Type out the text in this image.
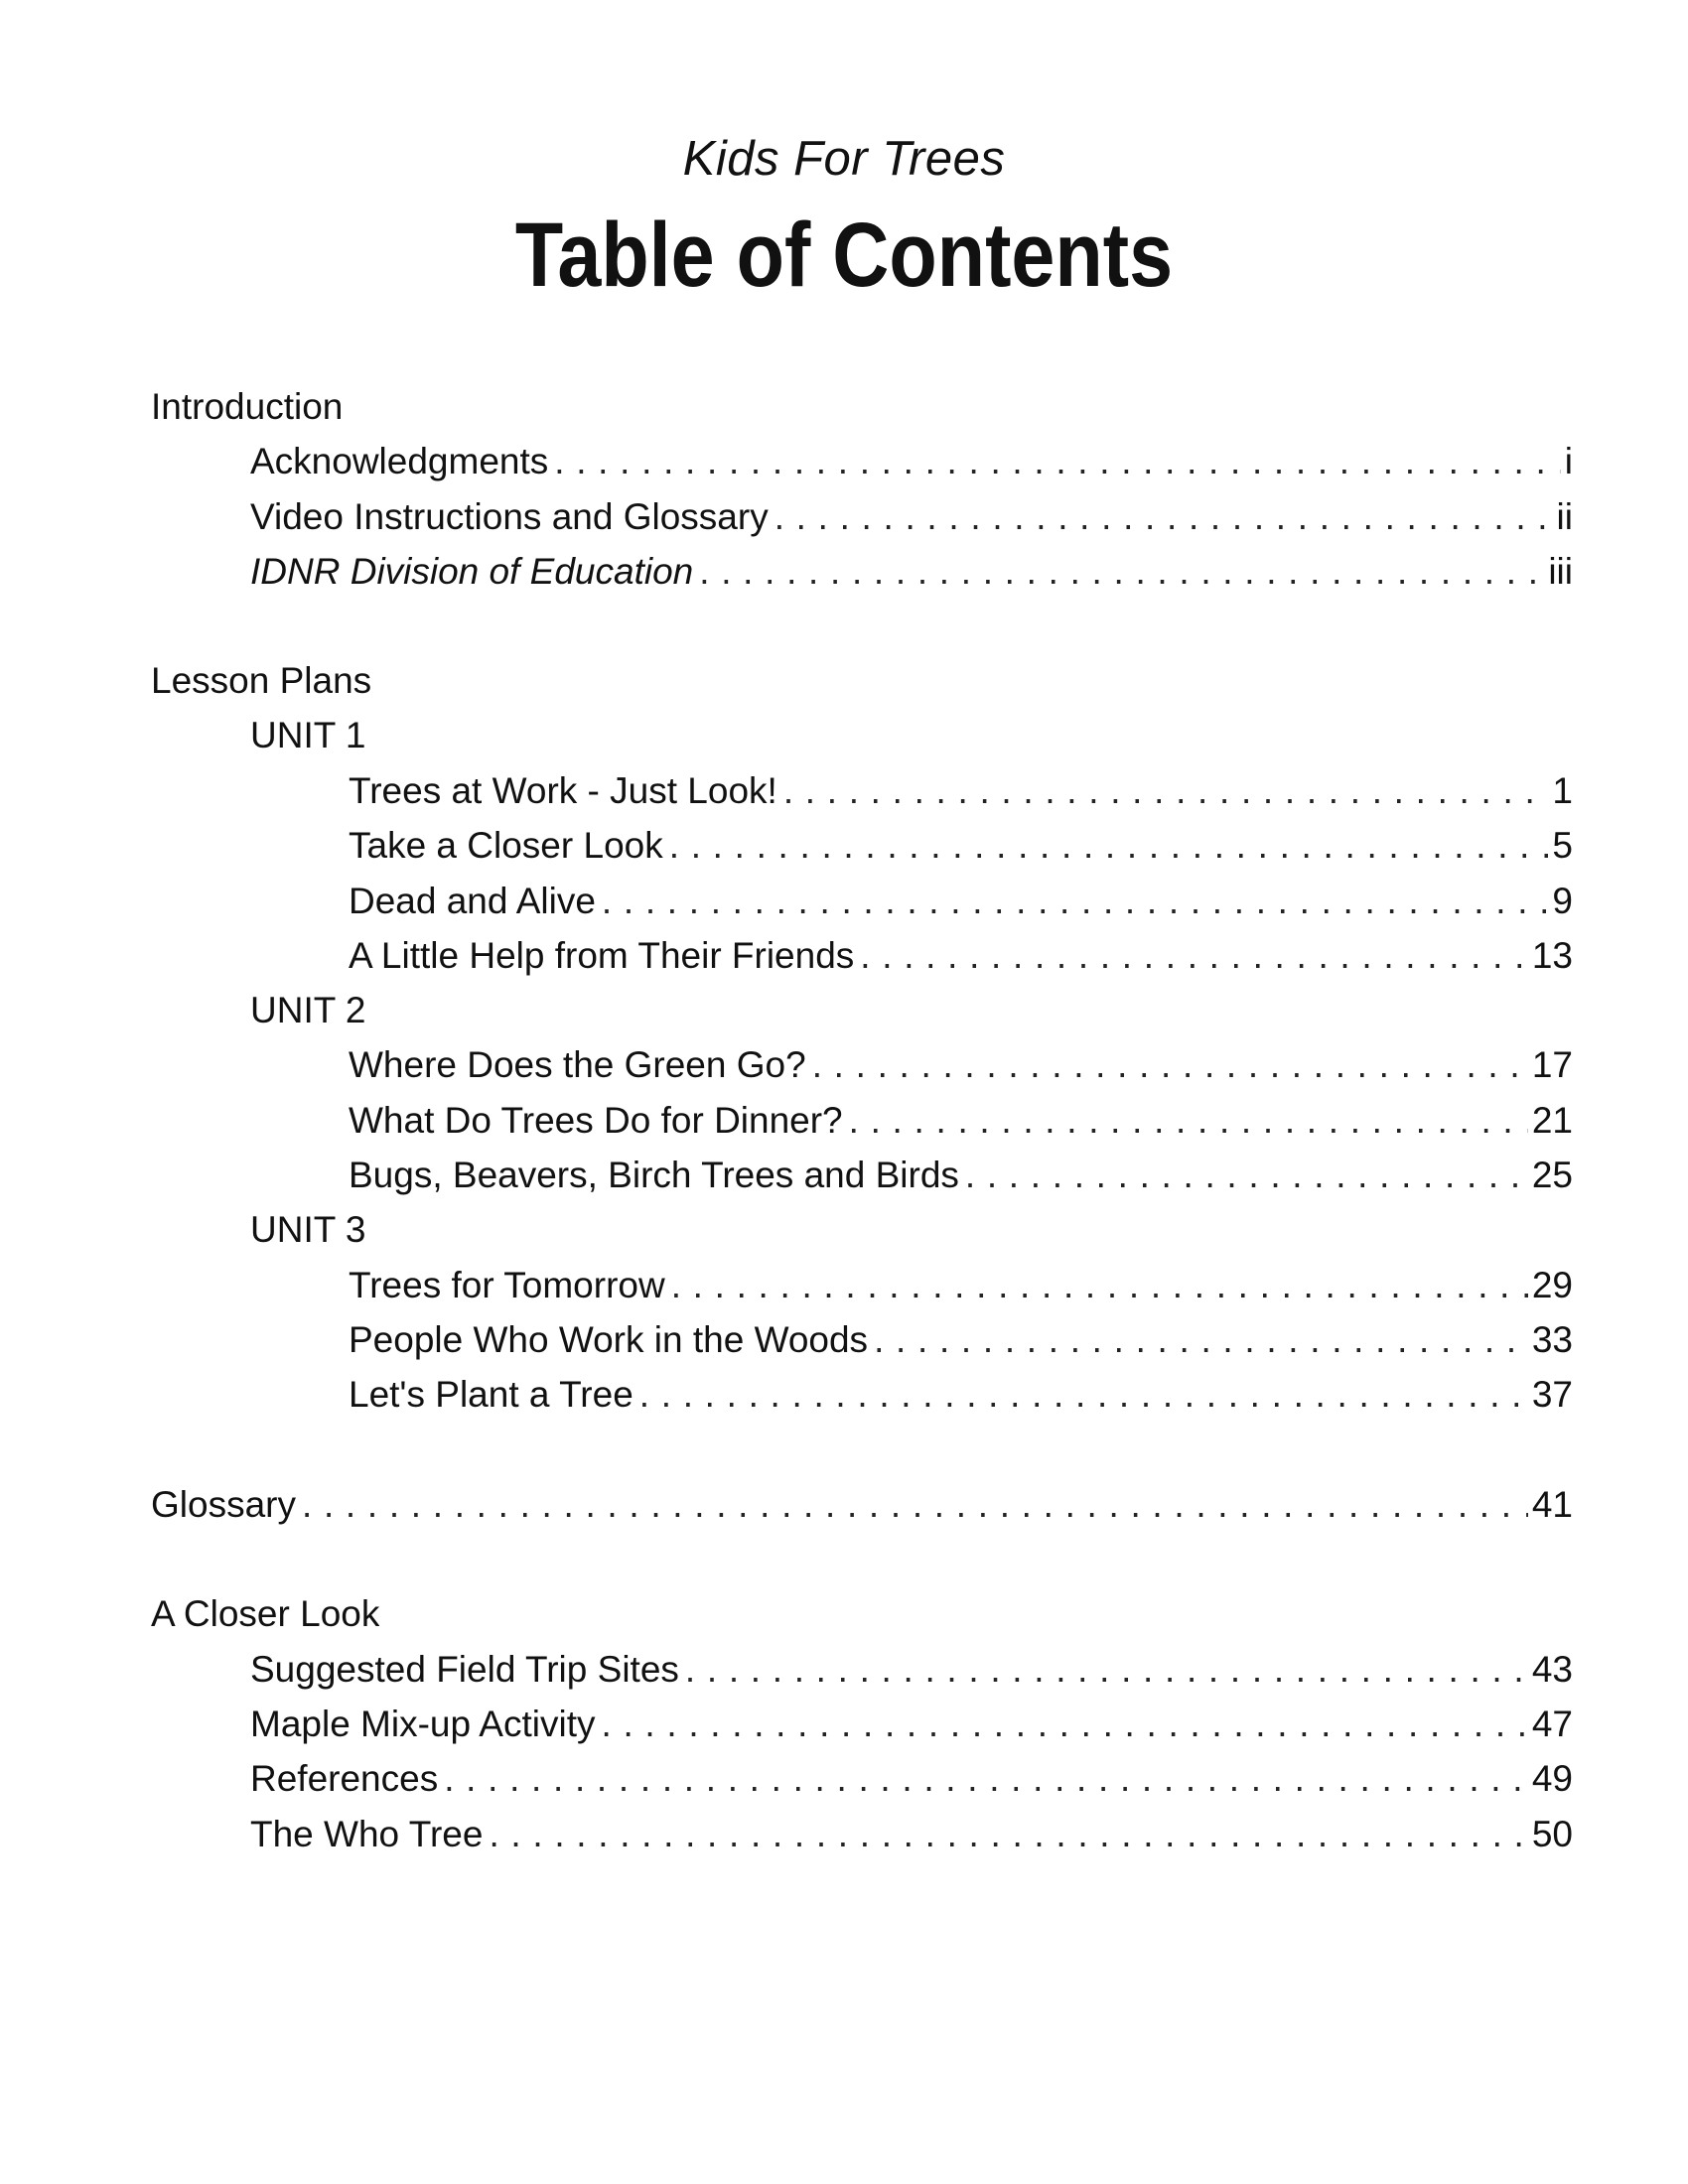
Kids For Trees
Table of Contents
Introduction
Acknowledgments . . .	i
Video Instructions and Glossary . . .	ii
IDNR Division of Education . . .	iii
Lesson Plans
UNIT 1
Trees at Work - Just Look! . . .	1
Take a Closer Look . . .	5
Dead and Alive . . .	9
A Little Help from Their Friends . . .	13
UNIT 2
Where Does the Green Go? . . .	17
What Do Trees Do for Dinner? . . .	21
Bugs, Beavers, Birch Trees and Birds . . .	25
UNIT 3
Trees for Tomorrow . . .	29
People Who Work in the Woods . . .	33
Let's Plant a Tree . . .	37
Glossary . . .	41
A Closer Look
Suggested Field Trip Sites . . .	43
Maple Mix-up Activity . . .	47
References . . .	49
The Who Tree . . .	50
